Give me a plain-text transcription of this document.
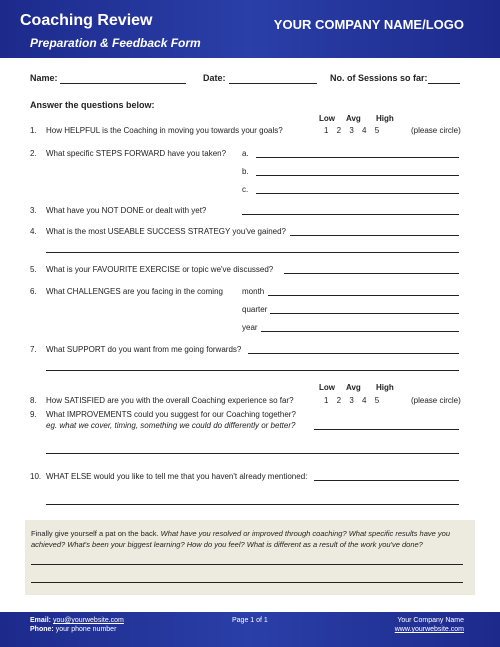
Coaching Review
Preparation & Feedback Form
YOUR COMPANY NAME/LOGO
Name:	Date:	No. of Sessions so far:
Answer the questions below:
Low Avg High
1. How HELPFUL is the Coaching in moving you towards your goals?	1 2 3 4 5	(please circle)
2. What specific STEPS FORWARD have you taken? a.
b.
c.
3. What have you NOT DONE or dealt with yet?
4. What is the most USEABLE SUCCESS STRATEGY you've gained?
5. What is your FAVOURITE EXERCISE or topic we've discussed?
6. What CHALLENGES are you facing in the coming month
quarter
year
7. What SUPPORT do you want from me going forwards?
Low Avg High
8. How SATISFIED are you with the overall Coaching experience so far?	1 2 3 4 5	(please circle)
9. What IMPROVEMENTS could you suggest for our Coaching together?
eg. what we cover, timing, something we could do differently or better?
10. WHAT ELSE would you like to tell me that you haven't already mentioned:
Finally give yourself a pat on the back. What have you resolved or improved through coaching? What specific results have you achieved? What's been your biggest learning? How do you feel? What is different as a result of the work you've done?
Email: you@yourwebsite.com
Phone: your phone number
Page 1 of 1	Your Company Name
www.yourwebsite.com
